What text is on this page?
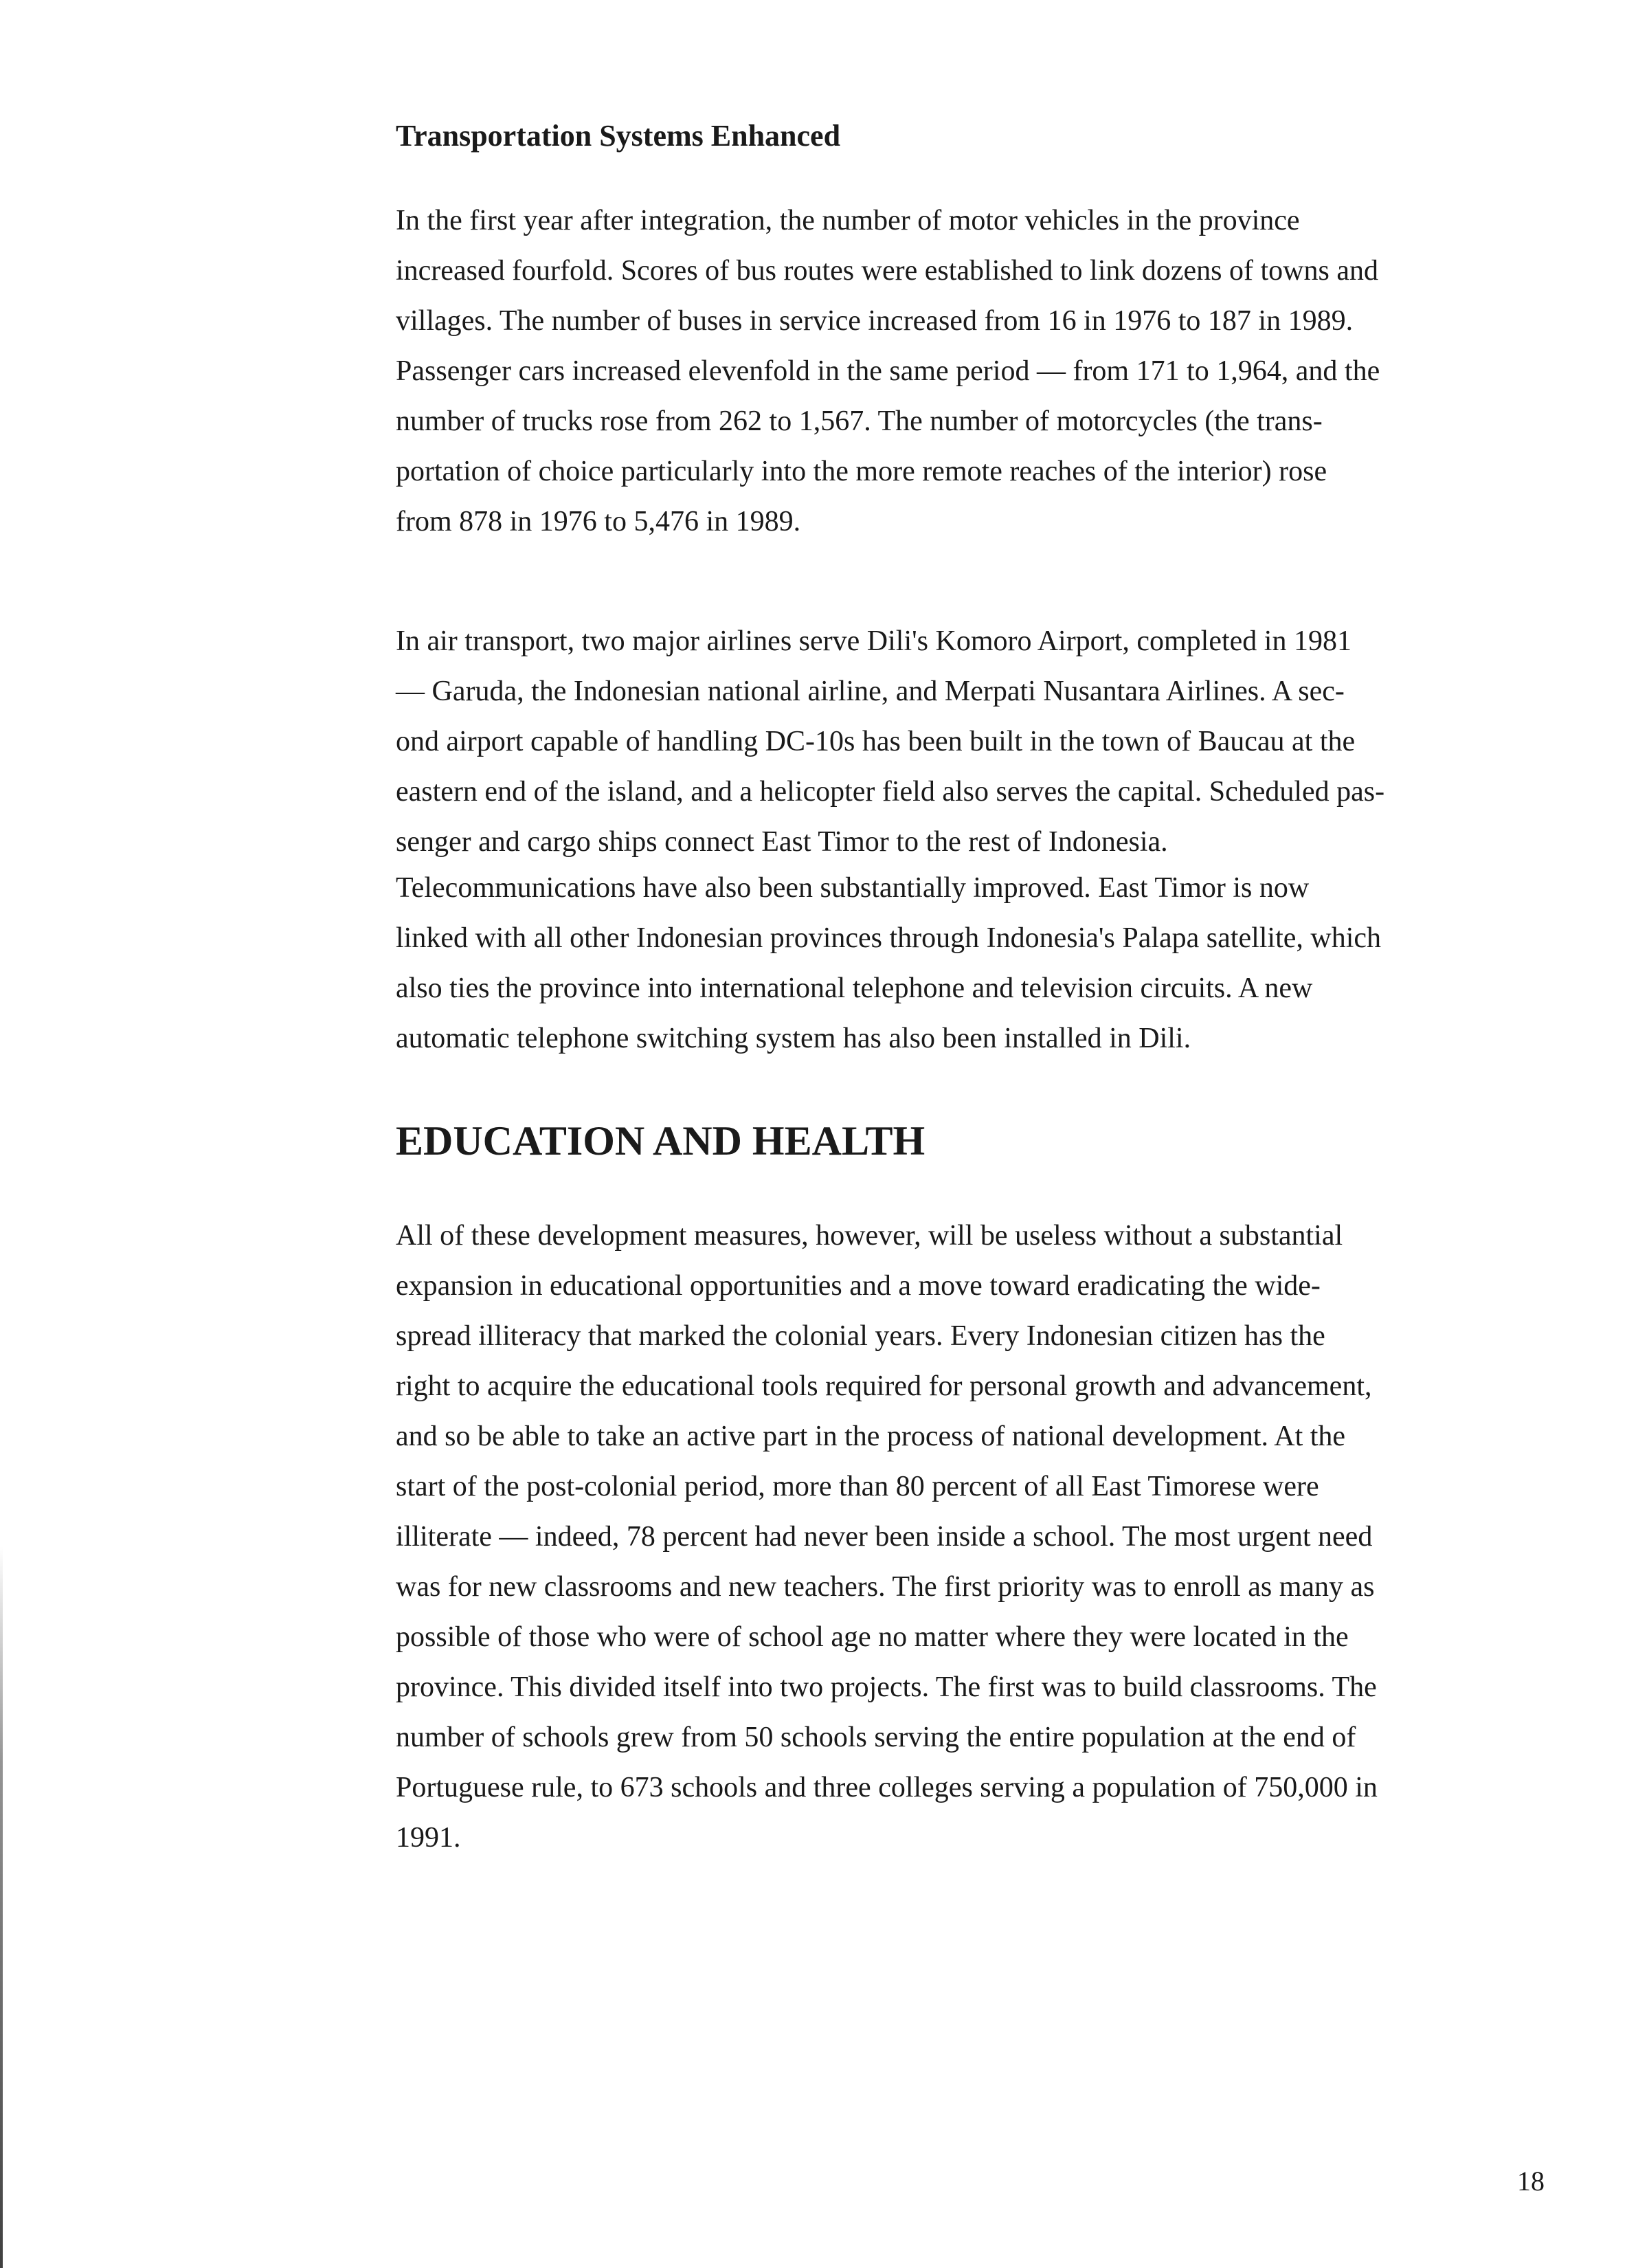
Transportation Systems Enhanced

In the first year after integration, the number of motor vehicles in the province
increased fourfold. Scores of bus routes were established to link dozens of towns and
villages. The number of buses in service increased from 16 in 1976 to 187 in 1989.
Passenger cars increased elevenfold in the same period — from 171 to 1,964, and the
number of trucks rose from 262 to 1,567. The number of motorcycles (the trans-
portation of choice particularly into the more remote reaches of the interior) rose
from 878 in 1976 to 5,476 in 1989.

In air transport, two major airlines serve Dili's Komoro Airport, completed in 1981
— Garuda, the Indonesian national airline, and Merpati Nusantara Airlines. A sec-
ond airport capable of handling DC-10s has been built in the town of Baucau at the
eastern end of the island, and a helicopter field also serves the capital. Scheduled pas-
senger and cargo ships connect East Timor to the rest of Indonesia.

Telecommunications have also been substantially improved. East Timor is now
linked with all other Indonesian provinces through Indonesia's Palapa satellite, which
also ties the province into international telephone and television circuits. A new
automatic telephone switching system has also been installed in Dili.

EDUCATION AND HEALTH

All of these development measures, however, will be useless without a substantial
expansion in educational opportunities and a move toward eradicating the wide-
spread illiteracy that marked the colonial years. Every Indonesian citizen has the
right to acquire the educational tools required for personal growth and advancement,
and so be able to take an active part in the process of national development. At the
start of the post-colonial period, more than 80 percent of all East Timorese were
illiterate — indeed, 78 percent had never been inside a school. The most urgent need
was for new classrooms and new teachers. The first priority was to enroll as many as
possible of those who were of school age no matter where they were located in the
province. This divided itself into two projects. The first was to build classrooms. The
number of schools grew from 50 schools serving the entire population at the end of
Portuguese rule, to 673 schools and three colleges serving a population of 750,000 in
1991.

18
